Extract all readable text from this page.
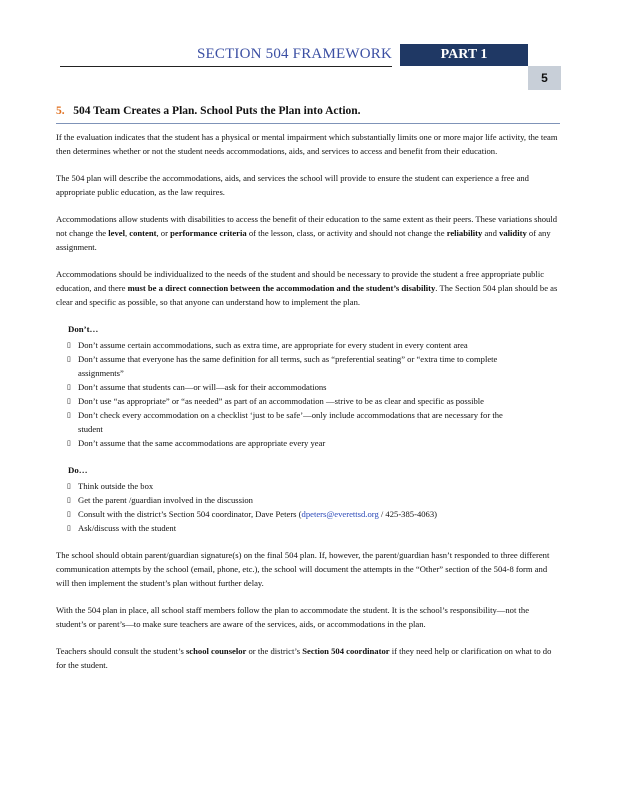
SECTION 504 FRAMEWORK	PART 1
5
5. 504 Team Creates a Plan. School Puts the Plan into Action.

If the evaluation indicates that the student has a physical or mental impairment which substantially limits one or more major life activity, the team then determines whether or not the student needs accommodations, aids, and services to access and benefit from their education.

The 504 plan will describe the accommodations, aids, and services the school will provide to ensure the student can experience a free and appropriate public education, as the law requires.

Accommodations allow students with disabilities to access the benefit of their education to the same extent as their peers. These variations should not change the level, content, or performance criteria of the lesson, class, or activity and should not change the reliability and validity of any assignment.

Accommodations should be individualized to the needs of the student and should be necessary to provide the student a free appropriate public education, and there must be a direct connection between the accommodation and the student’s disability. The Section 504 plan should be as clear and specific as possible, so that anyone can understand how to implement the plan.

Don’t…
▯ Don’t assume certain accommodations, such as extra time, are appropriate for every student in every content area
▯ Don’t assume that everyone has the same definition for all terms, such as “preferential seating” or “extra time to complete assignments”
▯ Don’t assume that students can—or will—ask for their accommodations
▯ Don’t use “as appropriate” or “as needed” as part of an accommodation —strive to be as clear and specific as possible
▯ Don’t check every accommodation on a checklist ‘just to be safe’—only include accommodations that are necessary for the student
▯ Don’t assume that the same accommodations are appropriate every year
Do…
▯ Think outside the box
▯ Get the parent /guardian involved in the discussion
▯ Consult with the district’s Section 504 coordinator, Dave Peters (dpeters@everettsd.org / 425-385-4063)
▯ Ask/discuss with the student

The school should obtain parent/guardian signature(s) on the final 504 plan. If, however, the parent/guardian hasn’t responded to three different communication attempts by the school (email, phone, etc.), the school will document the attempts in the “Other” section of the 504-8 form and will then implement the student’s plan without further delay.

With the 504 plan in place, all school staff members follow the plan to accommodate the student. It is the school’s responsibility—not the student’s or parent’s—to make sure teachers are aware of the services, aids, or accommodations in the plan.

Teachers should consult the student’s school counselor or the district’s Section 504 coordinator if they need help or clarification on what to do for the student.
